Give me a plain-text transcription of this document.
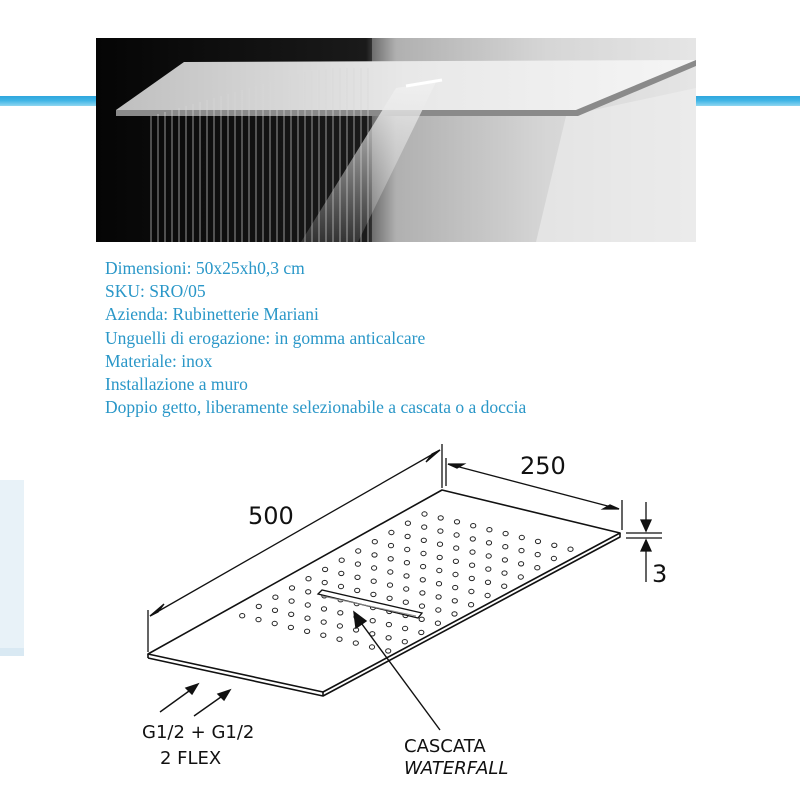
Dimensioni: 50x25xh0,3 cm
SKU: SRO/05
Azienda: Rubinetterie Mariani
Unguelli di erogazione: in gomma anticalcare
Materiale: inox
Installazione a muro
Doppio getto, liberamente selezionabile a cascata o a doccia
500
250
3
G1/2 + G1/2
2 FLEX
CASCATA
WATERFALL
